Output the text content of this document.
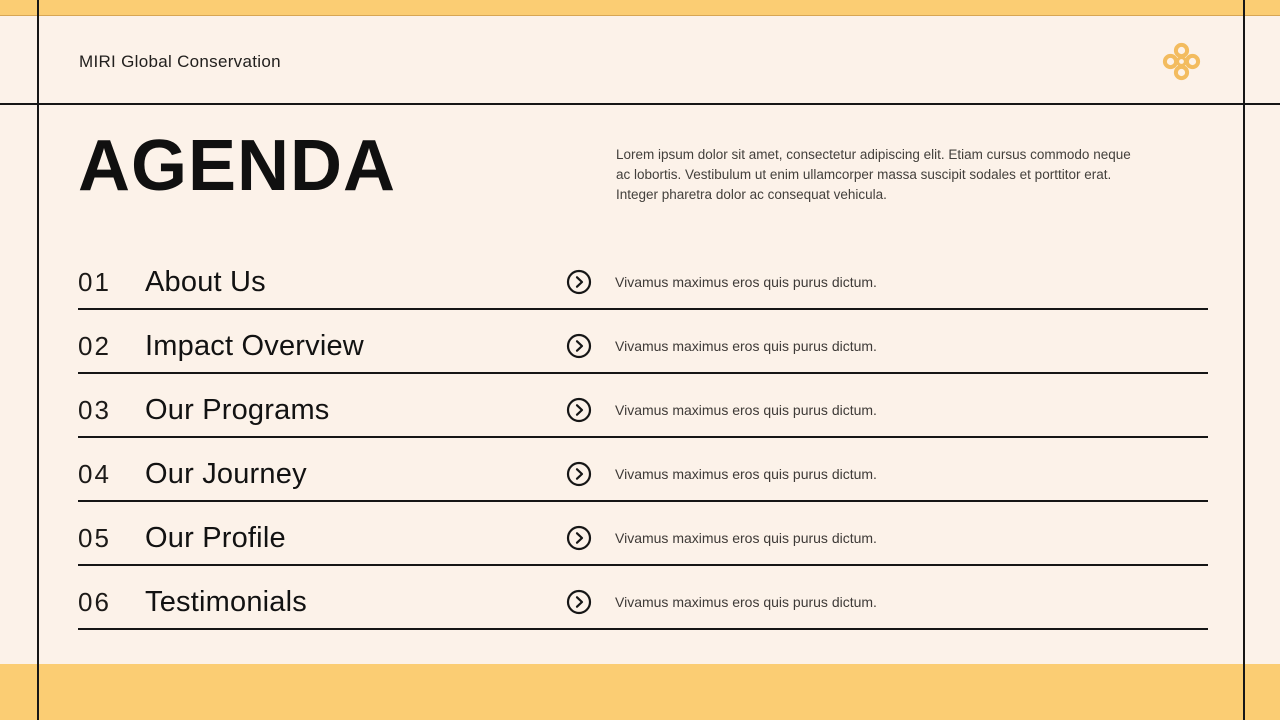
MIRI Global Conservation
AGENDA	Lorem ipsum dolor sit amet, consectetur adipiscing elit. Etiam cursus commodo neque ac lobortis. Vestibulum ut enim ullamcorper massa suscipit sodales et porttitor erat. Integer pharetra dolor ac consequat vehicula.

01	About Us	Vivamus maximus eros quis purus dictum.
02	Impact Overview	Vivamus maximus eros quis purus dictum.
03	Our Programs	Vivamus maximus eros quis purus dictum.
04	Our Journey	Vivamus maximus eros quis purus dictum.
05	Our Profile	Vivamus maximus eros quis purus dictum.
06	Testimonials	Vivamus maximus eros quis purus dictum.
